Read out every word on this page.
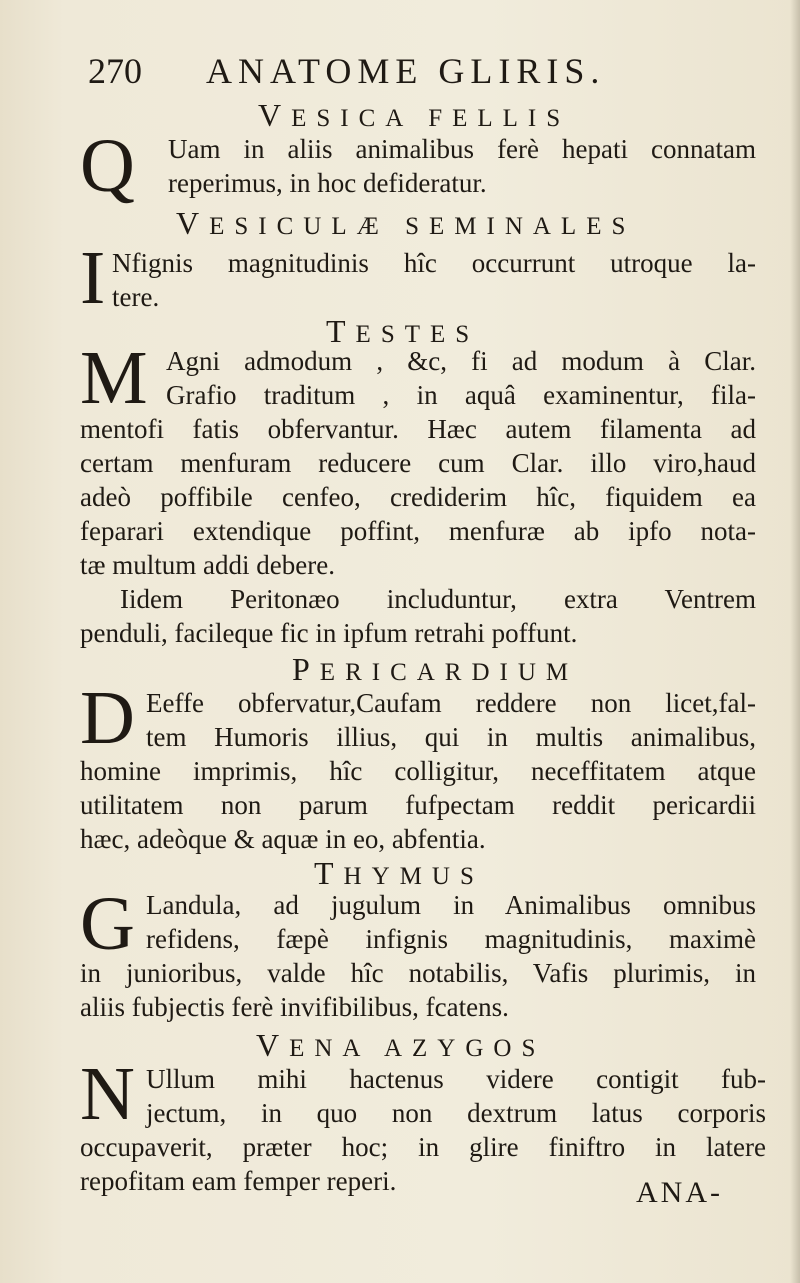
270 ANATOME GLIRIS.
VESICA FELLIS
Q Uam in aliis animalibus ferè hepati connatam
reperimus, in hoc defideratur.
VESICULÆ SEMINALES
I Nfignis magnitudinis hîc occurrunt utroque la-
tere.
TESTES
M Agni admodum , &c, fi ad modum à Clar.
Grafio traditum , in aquâ examinentur, fila-
mentofi fatis obfervantur. Hæc autem filamenta ad
certam menfuram reducere cum Clar. illo viro,haud
adeò poffibile cenfeo, crediderim hîc, fiquidem ea
feparari extendique poffint, menfuræ ab ipfo nota-
tæ multum addi debere.
Iidem Peritonæo includuntur, extra Ventrem
penduli, facileque fic in ipfum retrahi poffunt.
PERICARDIUM
D Eeffe obfervatur,Caufam reddere non licet,fal-
tem Humoris illius, qui in multis animalibus,
homine imprimis, hîc colligitur, neceffitatem atque
utilitatem non parum fufpectam reddit pericardii
hæc, adeòque & aquæ in eo, abfentia.
THYMUS
G Landula, ad jugulum in Animalibus omnibus
refidens, fæpè infignis magnitudinis, maximè
in junioribus, valde hîc notabilis, Vafis plurimis, in
aliis fubjectis ferè invifibilibus, fcatens.
VENA AZYGOS
N Ullum mihi hactenus videre contigit fub-
jectum, in quo non dextrum latus corporis
occupaverit, præter hoc; in glire finiftro in latere
repofitam eam femper reperi.	ANA-
